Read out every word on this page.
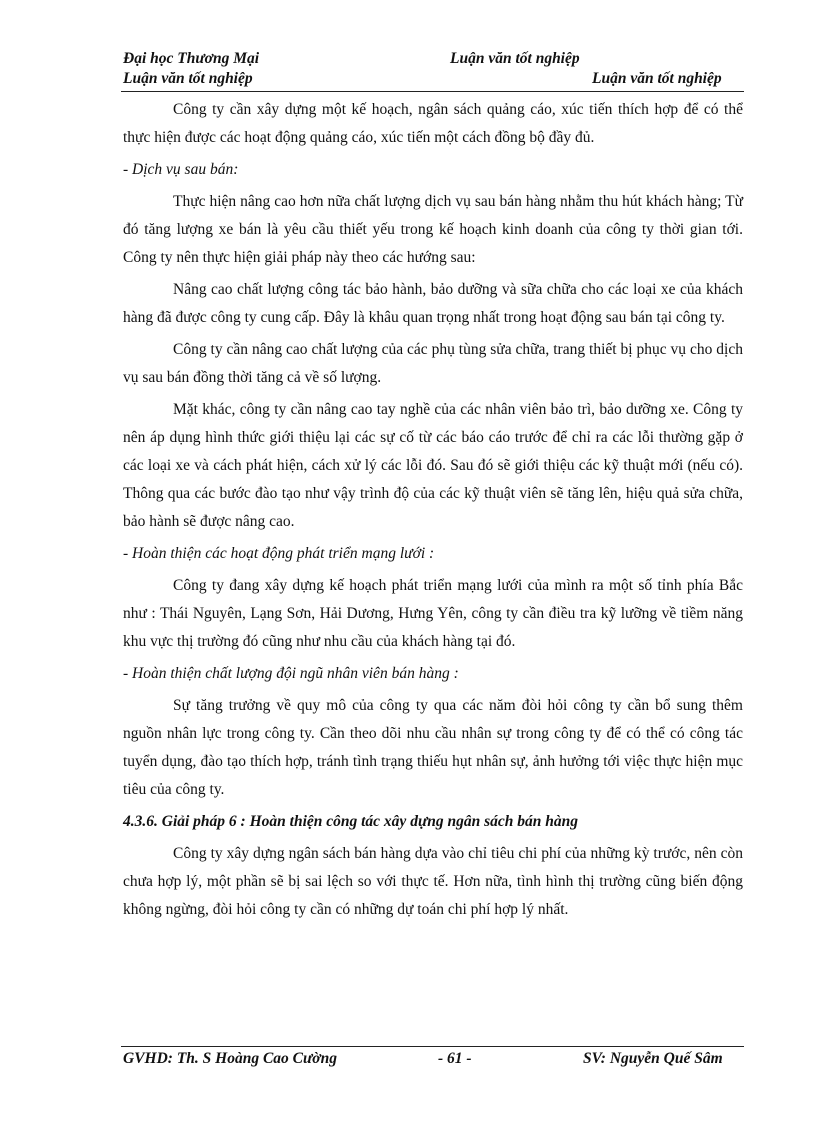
Đại học Thương Mại	Luận văn tốt nghiệp
Luận văn tốt nghiệp	Luận văn tốt nghiệp

Công ty cần xây dựng một kế hoạch, ngân sách quảng cáo, xúc tiến thích hợp để có thể thực hiện được các hoạt động quảng cáo, xúc tiến một cách đồng bộ đầy đủ.

- Dịch vụ sau bán:

Thực hiện nâng cao hơn nữa chất lượng dịch vụ sau bán hàng nhằm thu hút khách hàng; Từ đó tăng lượng xe bán là yêu cầu thiết yếu trong kế hoạch kinh doanh của công ty thời gian tới. Công ty nên thực hiện giải pháp này theo các hướng sau:

Nâng cao chất lượng công tác bảo hành, bảo dưỡng và sữa chữa cho các loại xe của khách hàng đã được công ty cung cấp. Đây là khâu quan trọng nhất trong hoạt động sau bán tại công ty.

Công ty cần nâng cao chất lượng của các phụ tùng sửa chữa, trang thiết bị phục vụ cho dịch vụ sau bán đồng thời tăng cả về số lượng.

Mặt khác, công ty cần nâng cao tay nghề của các nhân viên bảo trì, bảo dưỡng xe. Công ty nên áp dụng hình thức giới thiệu lại các sự cố từ các báo cáo trước để chỉ ra các lỗi thường gặp ở các loại xe và cách phát hiện, cách xử lý các lỗi đó. Sau đó sẽ giới thiệu các kỹ thuật mới (nếu có). Thông qua các bước đào tạo như vậy trình độ của các kỹ thuật viên sẽ tăng lên, hiệu quả sửa chữa, bảo hành sẽ được nâng cao.

- Hoàn thiện các hoạt động phát triển mạng lưới :

Công ty đang xây dựng kế hoạch phát triển mạng lưới của mình ra một số tỉnh phía Bắc như : Thái Nguyên, Lạng Sơn, Hải Dương, Hưng Yên, công ty cần điều tra kỹ lưỡng về tiềm năng khu vực thị trường đó cũng như nhu cầu của khách hàng tại đó.

- Hoàn thiện chất lượng đội ngũ nhân viên bán hàng :

Sự tăng trưởng về quy mô của công ty qua các năm đòi hỏi công ty cần bổ sung thêm nguồn nhân lực trong công ty. Cần theo dõi nhu cầu nhân sự trong công ty để có thể có công tác tuyển dụng, đào tạo thích hợp, tránh tình trạng thiếu hụt nhân sự, ảnh hưởng tới việc thực hiện mục tiêu của công ty.

4.3.6. Giải pháp 6 : Hoàn thiện công tác xây dựng ngân sách bán hàng

Công ty xây dựng ngân sách bán hàng dựa vào chỉ tiêu chi phí của những kỳ trước, nên còn chưa hợp lý, một phần sẽ bị sai lệch so với thực tế. Hơn nữa, tình hình thị trường cũng biến động không ngừng, đòi hỏi công ty cần có những dự toán chi phí hợp lý nhất.

GVHD: Th. S Hoàng Cao Cường	- 61 -	SV: Nguyễn Quế Sâm
